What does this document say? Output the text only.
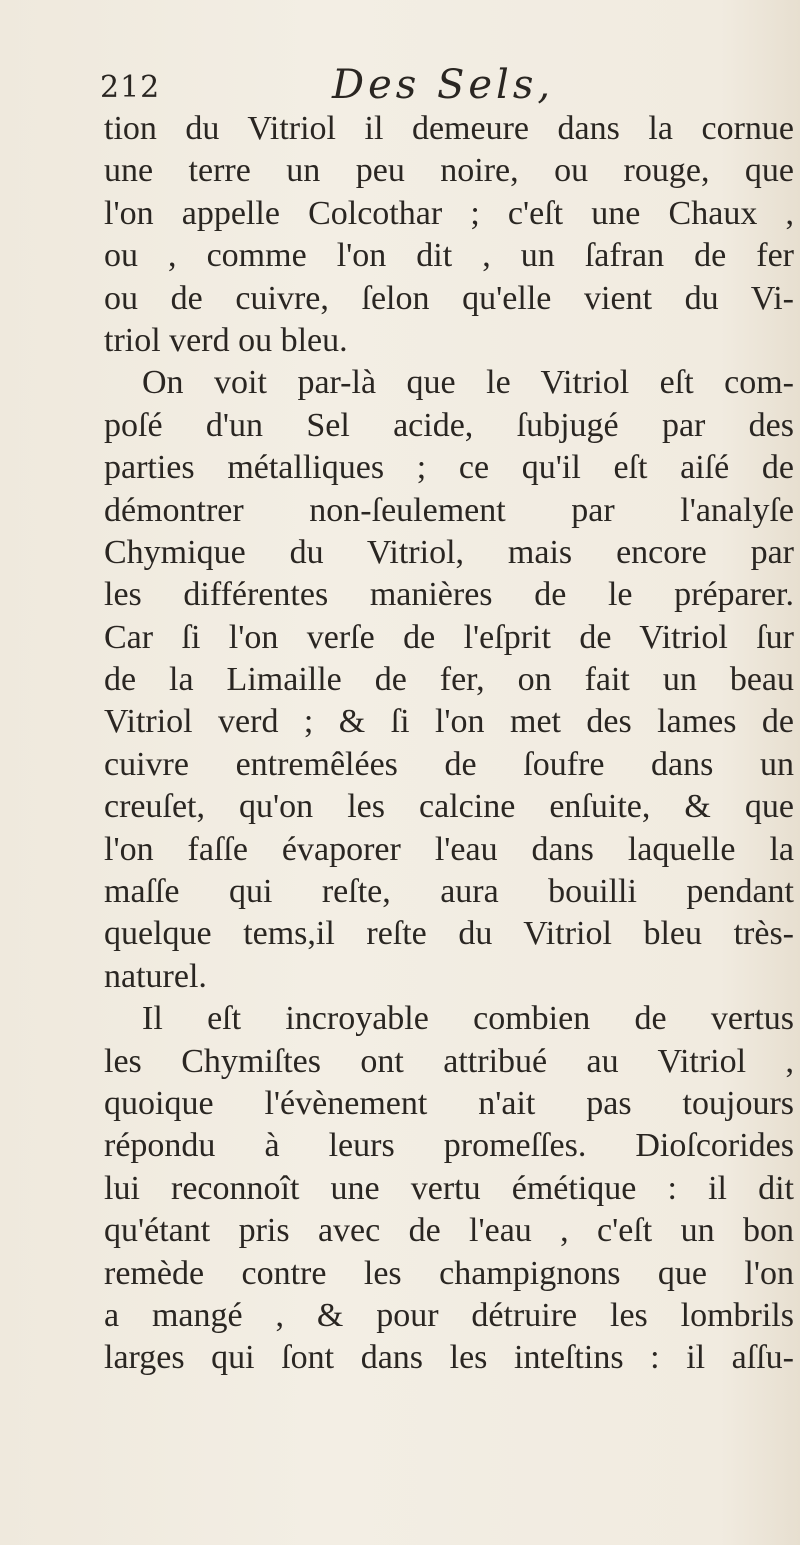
212	Des Sels,
tion du Vitriol il demeure dans la cornue
une terre un peu noire, ou rouge, que
l'on appelle Colcothar ; c'eſt une Chaux ,
ou , comme l'on dit , un ſafran de fer
ou de cuivre, ſelon qu'elle vient du Vi-
triol verd ou bleu.
On voit par-là que le Vitriol eſt com-
poſé d'un Sel acide, ſubjugé par des
parties métalliques ; ce qu'il eſt aiſé de
démontrer non-ſeulement par l'analyſe
Chymique du Vitriol, mais encore par
les différentes manières de le préparer.
Car ſi l'on verſe de l'eſprit de Vitriol ſur
de la Limaille de fer, on fait un beau
Vitriol verd ; & ſi l'on met des lames de
cuivre entremêlées de ſoufre dans un
creuſet, qu'on les calcine enſuite, & que
l'on faſſe évaporer l'eau dans laquelle la
maſſe qui reſte, aura bouilli pendant
quelque tems,il reſte du Vitriol bleu très-
naturel.
Il eſt incroyable combien de vertus
les Chymiſtes ont attribué au Vitriol ,
quoique l'évènement n'ait pas toujours
répondu à leurs promeſſes. Dioſcorides
lui reconnoît une vertu émétique : il dit
qu'étant pris avec de l'eau , c'eſt un bon
remède contre les champignons que l'on
a mangé , & pour détruire les lombrils
larges qui ſont dans les inteſtins : il aſſu-
